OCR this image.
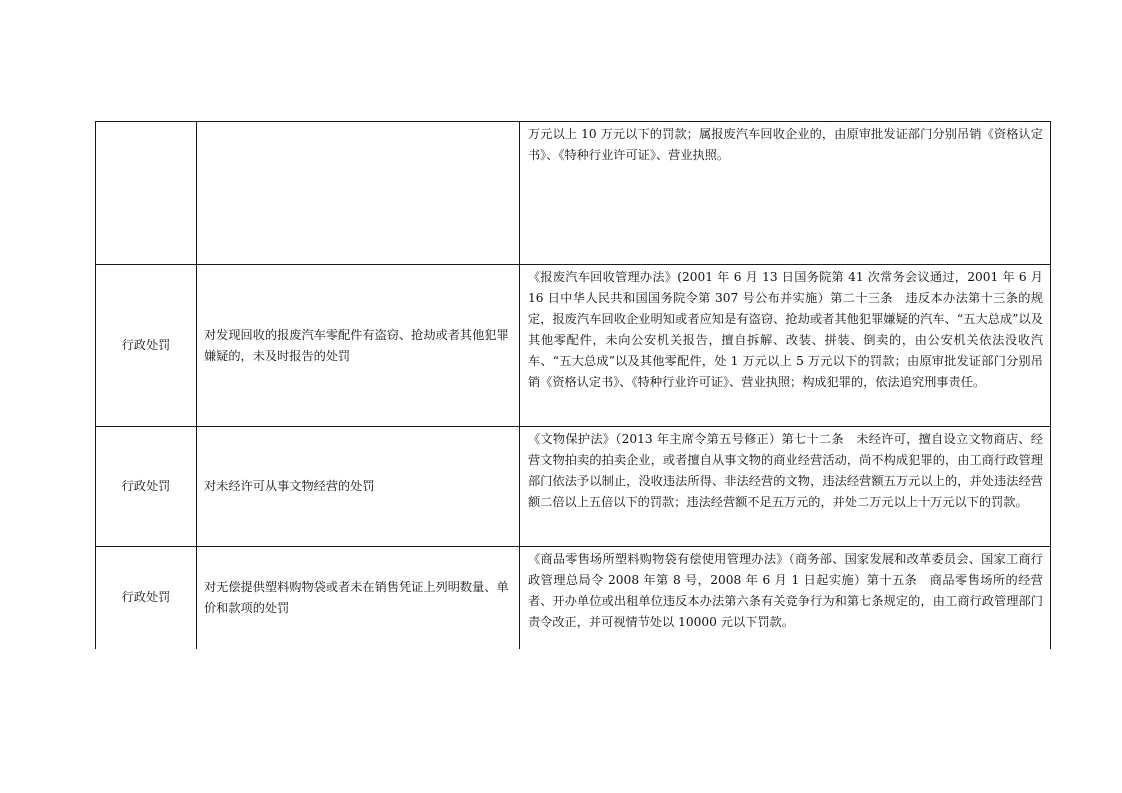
		万元以上 10 万元以下的罚款；属报废汽车回收企业的，由原审批发证部门分别吊销《资格认定书》、《特种行业许可证》、营业执照。
行政处罚	对发现回收的报废汽车零配件有盗窃、抢劫或者其他犯罪嫌疑的，未及时报告的处罚	《报废汽车回收管理办法》(2001 年 6 月 13 日国务院第 41 次常务会议通过，2001 年 6 月 16 日中华人民共和国国务院令第 307 号公布并实施）第二十三条　违反本办法第十三条的规定，报废汽车回收企业明知或者应知是有盗窃、抢劫或者其他犯罪嫌疑的汽车、“五大总成”以及其他零配件，未向公安机关报告，擅自拆解、改装、拼装、倒卖的，由公安机关依法没收汽车、“五大总成”以及其他零配件，处 1 万元以上 5 万元以下的罚款；由原审批发证部门分别吊销《资格认定书》、《特种行业许可证》、营业执照；构成犯罪的，依法追究刑事责任。
行政处罚	对未经许可从事文物经营的处罚	《文物保护法》（2013 年主席令第五号修正）第七十二条　未经许可，擅自设立文物商店、经营文物拍卖的拍卖企业，或者擅自从事文物的商业经营活动，尚不构成犯罪的，由工商行政管理部门依法予以制止，没收违法所得、非法经营的文物，违法经营额五万元以上的，并处违法经营额二倍以上五倍以下的罚款；违法经营额不足五万元的，并处二万元以上十万元以下的罚款。
行政处罚	对无偿提供塑料购物袋或者未在销售凭证上列明数量、单价和款项的处罚	《商品零售场所塑料购物袋有偿使用管理办法》（商务部、国家发展和改革委员会、国家工商行政管理总局令 2008 年第 8 号，2008 年 6 月 1 日起实施）第十五条　商品零售场所的经营者、开办单位或出租单位违反本办法第六条有关竞争行为和第七条规定的，由工商行政管理部门责令改正，并可视情节处以 10000 元以下罚款。
